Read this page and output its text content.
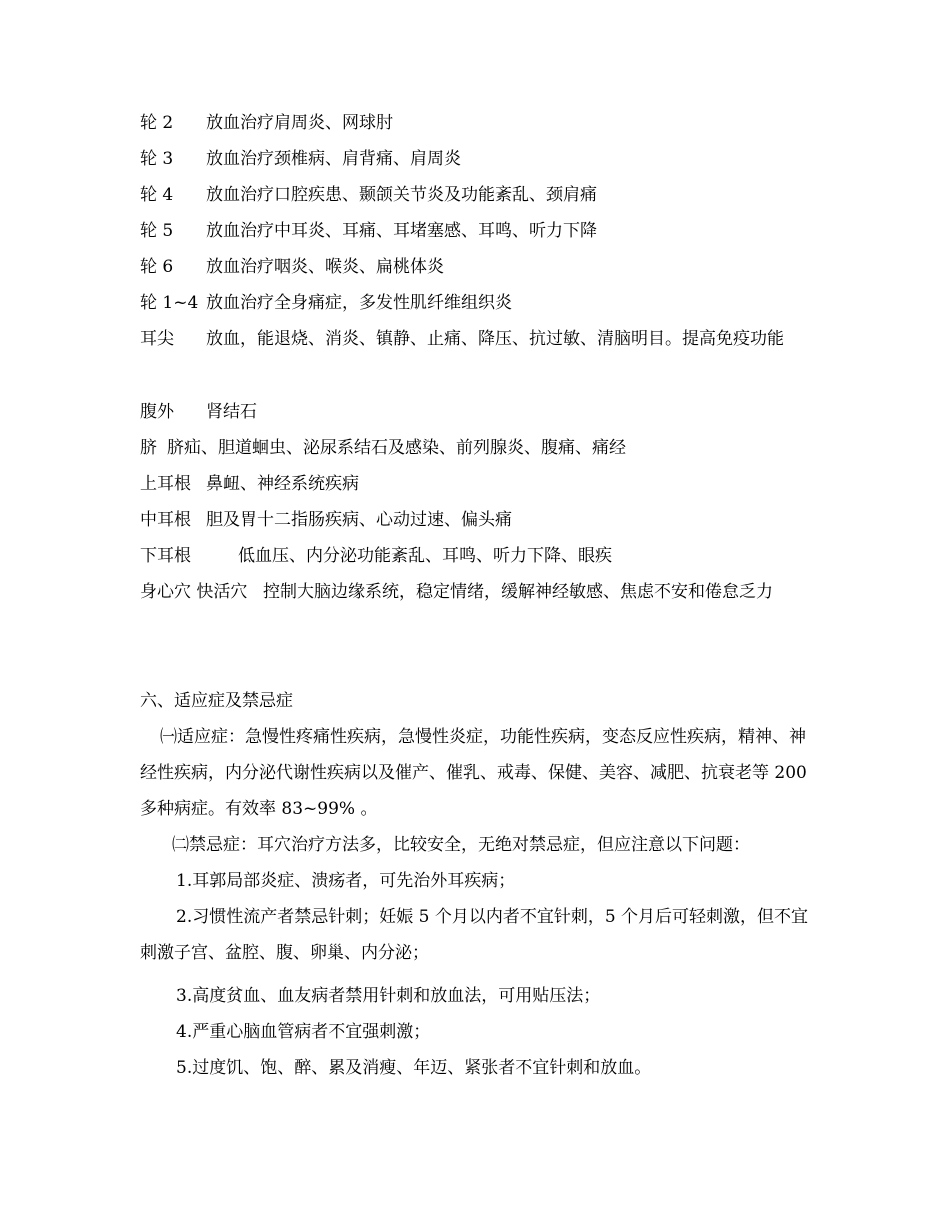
轮 2 放血治疗肩周炎、网球肘
轮 3 放血治疗颈椎病、肩背痛、肩周炎
轮 4 放血治疗口腔疾患、颞颌关节炎及功能紊乱、颈肩痛
轮 5 放血治疗中耳炎、耳痛、耳堵塞感、耳鸣、听力下降
轮 6 放血治疗咽炎、喉炎、扁桃体炎
轮 1~4 放血治疗全身痛症，多发性肌纤维组织炎
耳尖 放血，能退烧、消炎、镇静、止痛、降压、抗过敏、清脑明目。提高免疫功能
腹外 肾结石
脐 脐疝、胆道蛔虫、泌尿系结石及感染、前列腺炎、腹痛、痛经
上耳根 鼻衄、神经系统疾病
中耳根 胆及胃十二指肠疾病、心动过速、偏头痛
下耳根	低血压、内分泌功能紊乱、耳鸣、听力下降、眼疾
身心穴 快活穴 控制大脑边缘系统，稳定情绪，缓解神经敏感、焦虑不安和倦怠乏力
六、适应症及禁忌症
㈠适应症：急慢性疼痛性疾病，急慢性炎症，功能性疾病，变态反应性疾病，精神、神经性疾病，内分泌代谢性疾病以及催产、催乳、戒毒、保健、美容、减肥、抗衰老等 200 多种病症。有效率 83~99% 。
㈡禁忌症：耳穴治疗方法多，比较安全，无绝对禁忌症，但应注意以下问题：
1.耳郭局部炎症、溃疡者，可先治外耳疾病；
2.习惯性流产者禁忌针刺；妊娠 5 个月以内者不宜针刺，5 个月后可轻刺激，但不宜刺激子宫、盆腔、腹、卵巢、内分泌；
3.高度贫血、血友病者禁用针刺和放血法，可用贴压法；
4.严重心脑血管病者不宜强刺激；
5.过度饥、饱、醉、累及消瘦、年迈、紧张者不宜针刺和放血。
